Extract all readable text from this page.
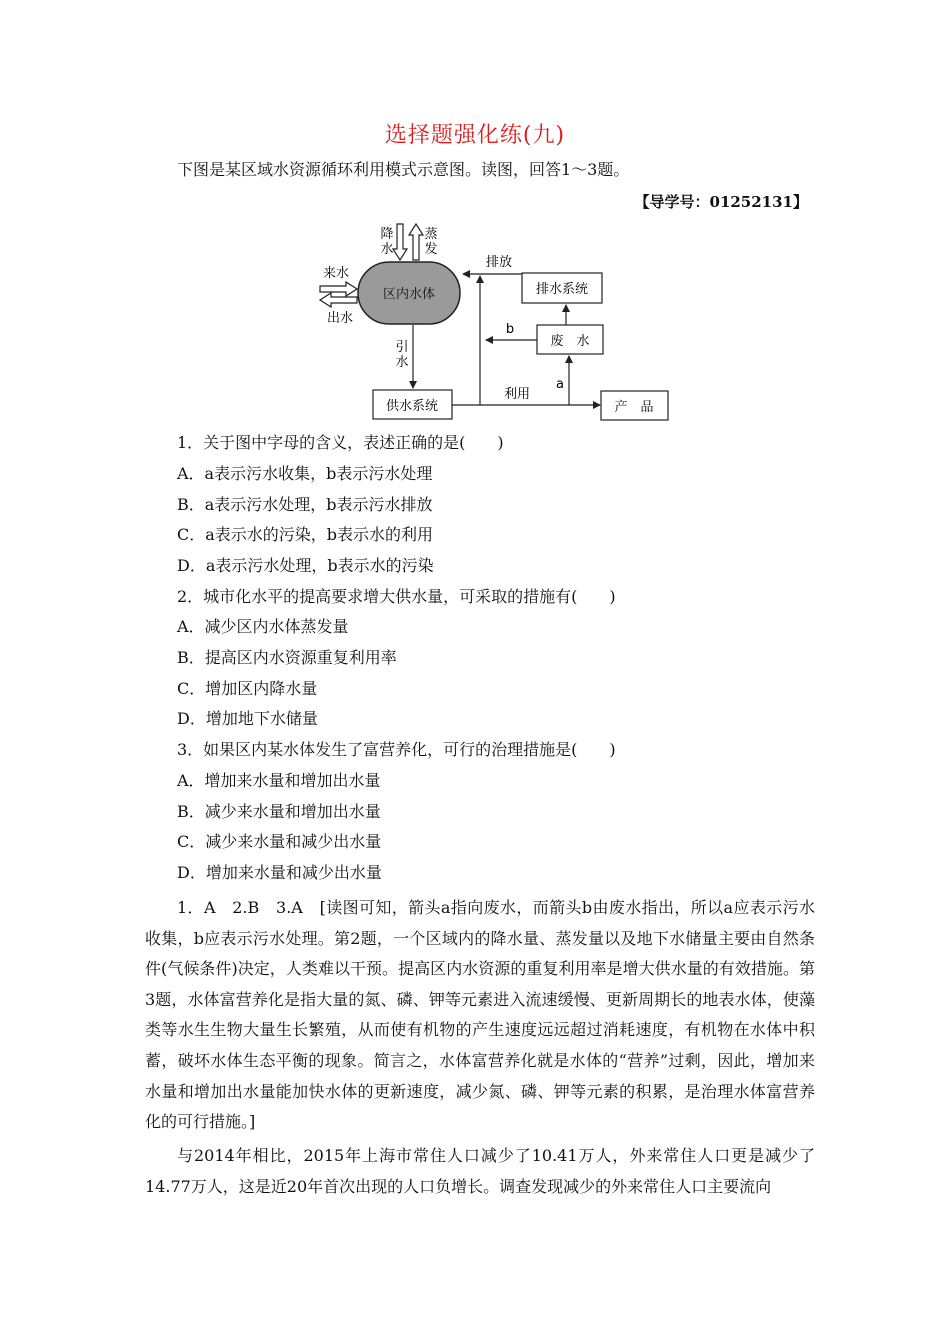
选择题强化练(九)
下图是某区域水资源循环利用模式示意图。读图，回答1～3题。
【导学号：01252131】
区内水体
降
水
蒸
发
来水
出水
排水系统
排放
废　水
b
引
水
供水系统
利用
a
产　品
1．关于图中字母的含义，表述正确的是(　　)
A．a表示污水收集，b表示污水处理
B．a表示污水处理，b表示污水排放
C．a表示水的污染，b表示水的利用
D．a表示污水处理，b表示水的污染
2．城市化水平的提高要求增大供水量，可采取的措施有(　　)
A．减少区内水体蒸发量
B．提高区内水资源重复利用率
C．增加区内降水量
D．增加地下水储量
3．如果区内某水体发生了富营养化，可行的治理措施是(　　)
A．增加来水量和增加出水量
B．减少来水量和增加出水量
C．减少来水量和减少出水量
D．增加来水量和减少出水量
1．A　2.B　3.A　[读图可知，箭头a指向废水，而箭头b由废水指出，所以a应表示污水收集，b应表示污水处理。第2题，一个区域内的降水量、蒸发量以及地下水储量主要由自然条件(气候条件)决定，人类难以干预。提高区内水资源的重复利用率是增大供水量的有效措施。第3题，水体富营养化是指大量的氮、磷、钾等元素进入流速缓慢、更新周期长的地表水体，使藻类等水生生物大量生长繁殖，从而使有机物的产生速度远远超过消耗速度，有机物在水体中积蓄，破坏水体生态平衡的现象。简言之，水体富营养化就是水体的“营养”过剩，因此，增加来水量和增加出水量能加快水体的更新速度，减少氮、磷、钾等元素的积累，是治理水体富营养化的可行措施。]
与2014年相比，2015年上海市常住人口减少了10.41万人，外来常住人口更是减少了14.77万人，这是近20年首次出现的人口负增长。调查发现减少的外来常住人口主要流向
